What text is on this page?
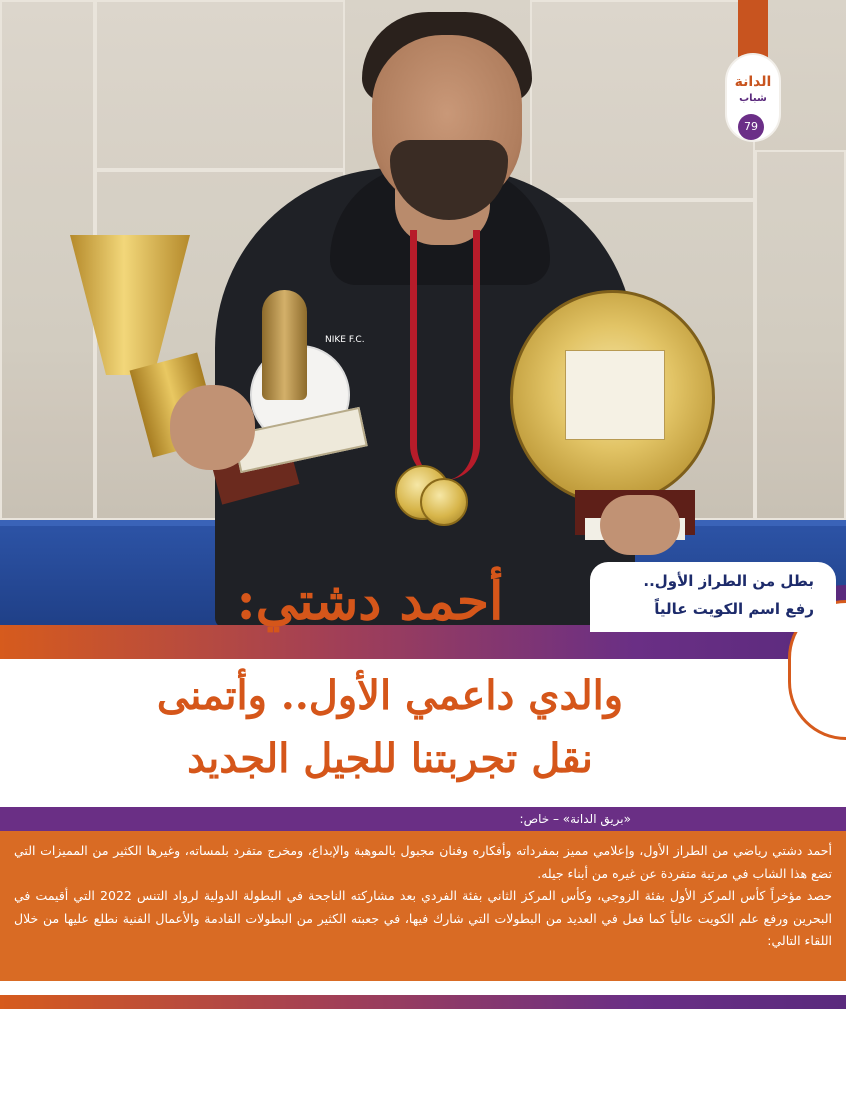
NIKE F.C.
الدانة
شباب
79
بطل من الطراز الأول..
رفع اسم الكويت عالياً
أحمد دشتي:
والدي داعمي الأول.. وأتمنى
نقل تجربتنا للجيل الجديد
«بريق الدانة» – خاص:

أحمد دشتي رياضي من الطراز الأول، وإعلامي مميز بمفرداته وأفكاره وفنان مجبول بالموهبة والإبداع، ومخرج متفرد بلمساته، وغيرها الكثير من المميزات التي تضع هذا الشاب في مرتبة متفردة عن غيره من أبناء جيله.

حصد مؤخراً كأس المركز الأول بفئة الزوجي، وكأس المركز الثاني بفئة الفردي بعد مشاركته الناجحة في البطولة الدولية لرواد التنس 2022 التي أقيمت في البحرين ورفع علم الكويت عالياً كما فعل في العديد من البطولات التي شارك فيها، في جعبته الكثير من البطولات القادمة والأعمال الفنية نطلع عليها من خلال اللقاء التالي:
